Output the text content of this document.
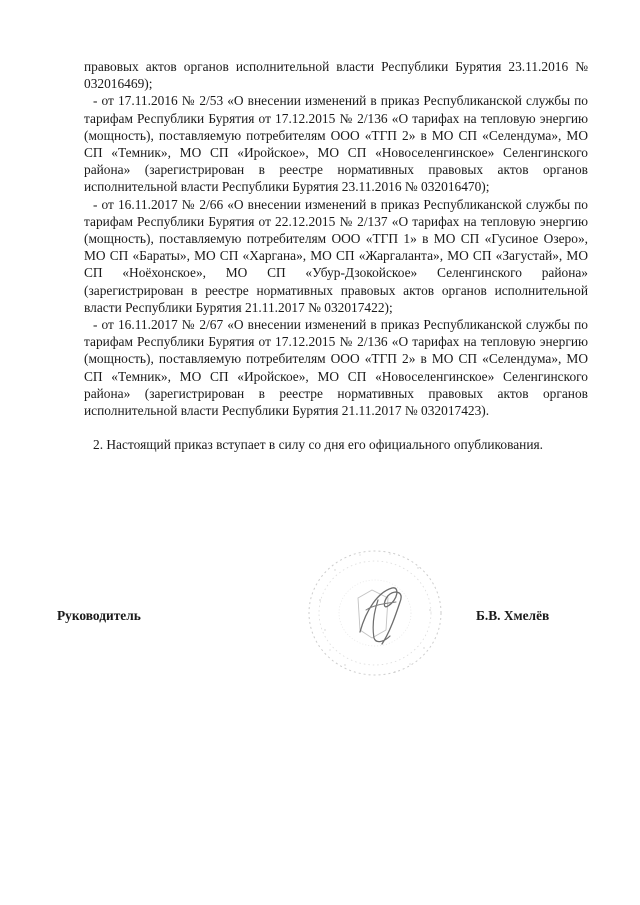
правовых актов органов исполнительной власти Республики Бурятия 23.11.2016 № 032016469);

- от 17.11.2016 № 2/53 «О внесении изменений в приказ Республиканской службы по тарифам Республики Бурятия от 17.12.2015 № 2/136 «О тарифах на тепловую энергию (мощность), поставляемую потребителям ООО «ТГП 2» в МО СП «Селендума», МО СП «Темник», МО СП «Иройское», МО СП «Новоселенгинское» Селенгинского района» (зарегистрирован в реестре нормативных правовых актов органов исполнительной власти Республики Бурятия 23.11.2016 № 032016470);

- от 16.11.2017 № 2/66 «О внесении изменений в приказ Республиканской службы по тарифам Республики Бурятия от 22.12.2015 № 2/137 «О тарифах на тепловую энергию (мощность), поставляемую потребителям ООО «ТГП 1» в МО СП «Гусиное Озеро», МО СП «Бараты», МО СП «Харгана», МО СП «Жаргаланта», МО СП «Загустай», МО СП «Ноёхонское», МО СП «Убур-Дзокойское» Селенгинского района» (зарегистрирован в реестре нормативных правовых актов органов исполнительной власти Республики Бурятия 21.11.2017 № 032017422);

- от 16.11.2017 № 2/67 «О внесении изменений в приказ Республиканской службы по тарифам Республики Бурятия от 17.12.2015 № 2/136 «О тарифах на тепловую энергию (мощность), поставляемую потребителям ООО «ТГП 2» в МО СП «Селендума», МО СП «Темник», МО СП «Иройское», МО СП «Новоселенгинское» Селенгинского района» (зарегистрирован в реестре нормативных правовых актов органов исполнительной власти Республики Бурятия 21.11.2017 № 032017423).

2. Настоящий приказ вступает в силу со дня его официального опубликования.

Руководитель	Б.В. Хмелёв
